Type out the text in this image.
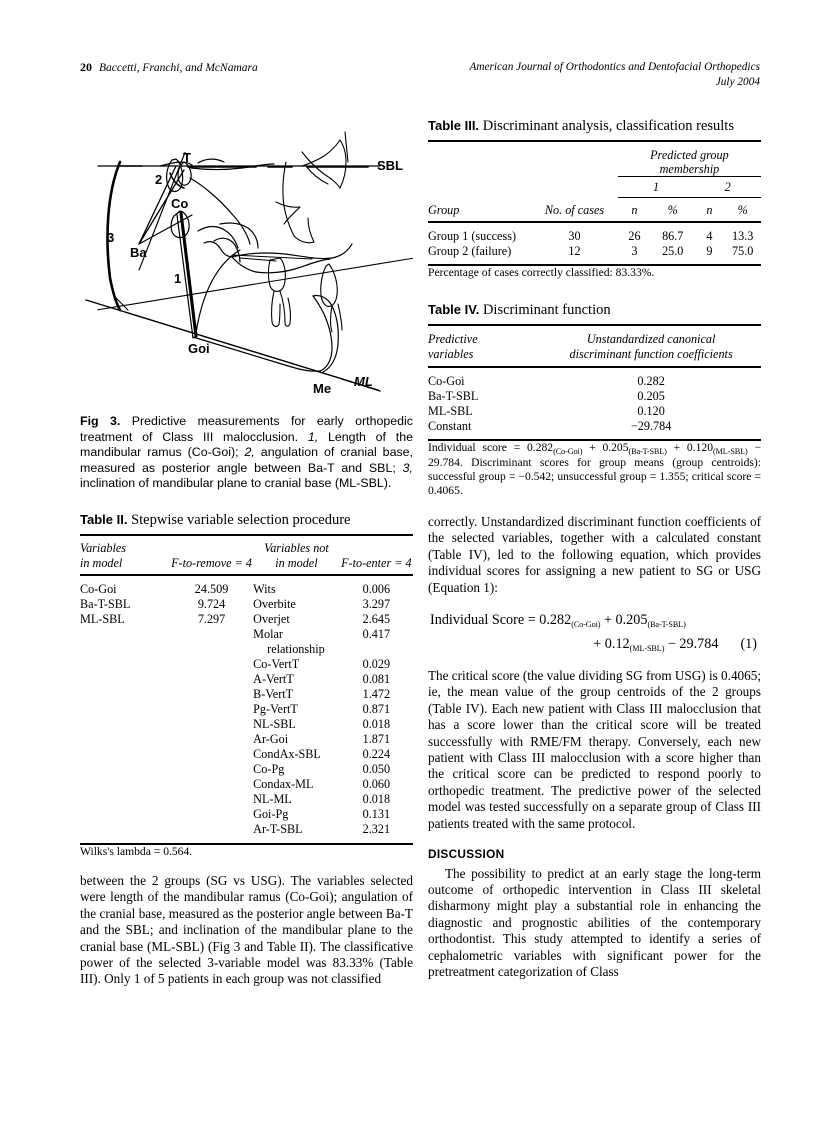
20 Baccetti, Franchi, and McNamara	American Journal of Orthodontics and Dentofacial Orthopedics
July 2004
SBL
T
Co
Ba
Goi
Me ML
1
2
3
Fig 3. Predictive measurements for early orthopedic treatment of Class III malocclusion. 1, Length of the mandibular ramus (Co-Goi); 2, angulation of cranial base, measured as posterior angle between Ba-T and SBL; 3, inclination of mandibular plane to cranial base (ML-SBL).
Table II. Stepwise variable selection procedure
Variables		Variables not	
in model	F-to-remove = 4	in model	F-to-enter = 4
Co-Goi	24.509	Wits	0.006
Ba-T-SBL	9.724	Overbite	3.297
ML-SBL	7.297	Overjet	2.645
		Molar	0.417
		relationship	
		Co-VertT	0.029
		A-VertT	0.081
		B-VertT	1.472
		Pg-VertT	0.871
		NL-SBL	0.018
		Ar-Goi	1.871
		CondAx-SBL	0.224
		Co-Pg	0.050
		Condax-ML	0.060
		NL-ML	0.018
		Goi-Pg	0.131
		Ar-T-SBL	2.321
Wilks's lambda = 0.564.			

between the 2 groups (SG vs USG). The variables selected were length of the mandibular ramus (Co-Goi); angulation of the cranial base, measured as the posterior angle between Ba-T and the SBL; and inclination of the mandibular plane to the cranial base (ML-SBL) (Fig 3 and Table II). The classificative power of the selected 3-variable model was 83.33% (Table III). Only 1 of 5 patients in each group was not classified

Table III. Discriminant analysis, classification results

		Predicted group
membership			

		1		2	

Group	No. of cases	n	%	n	%
Group 1 (success)	30	26	86.7	4	13.3
Group 2 (failure)	12	3	25.0	9	75.0
Percentage of cases correctly classified: 83.33%.					
Table IV. Discriminant function
Predictive	Unstandardized canonical
variables	discriminant function coefficients
Co-Goi	0.282
Ba-T-SBL	0.205
ML-SBL	0.120
Constant	−29.784
Individual score = $0.282_{(Co-Goi)} + 0.205_{(Ba-T-SBL)} + 0.120_{(ML-SBL)} - 29.784$. Discriminant scores for group means (group centroids): successful group = −0.542; unsuccessful group = 1.355; critical score = 0.4065.	

correctly. Unstandardized discriminant function coefficients of the selected variables, together with a calculated constant (Table IV), led to the following equation, which provides individual scores for assigning a new patient to SG or USG (Equation 1):

Individual Score = $0.282_{(Co-Goi)} + 0.205_{(Ba-T-SBL)}$
+ $0.12_{(ML-SBL)} - 29.784$ (1)

The critical score (the value dividing SG from USG) is 0.4065; ie, the mean value of the group centroids of the 2 groups (Table IV). Each new patient with Class III malocclusion that has a score lower than the critical score will be treated successfully with RME/FM therapy. Conversely, each new patient with Class III malocclusion with a score higher than the critical score can be predicted to respond poorly to orthopedic treatment. The predictive power of the selected model was tested successfully on a separate group of Class III patients treated with the same protocol.

DISCUSSION

The possibility to predict at an early stage the long-term outcome of orthopedic intervention in Class III skeletal disharmony might play a substantial role in enhancing the diagnostic and prognostic abilities of the contemporary orthodontist. This study attempted to identify a series of cephalometric variables with significant power for the pretreatment categorization of Class
